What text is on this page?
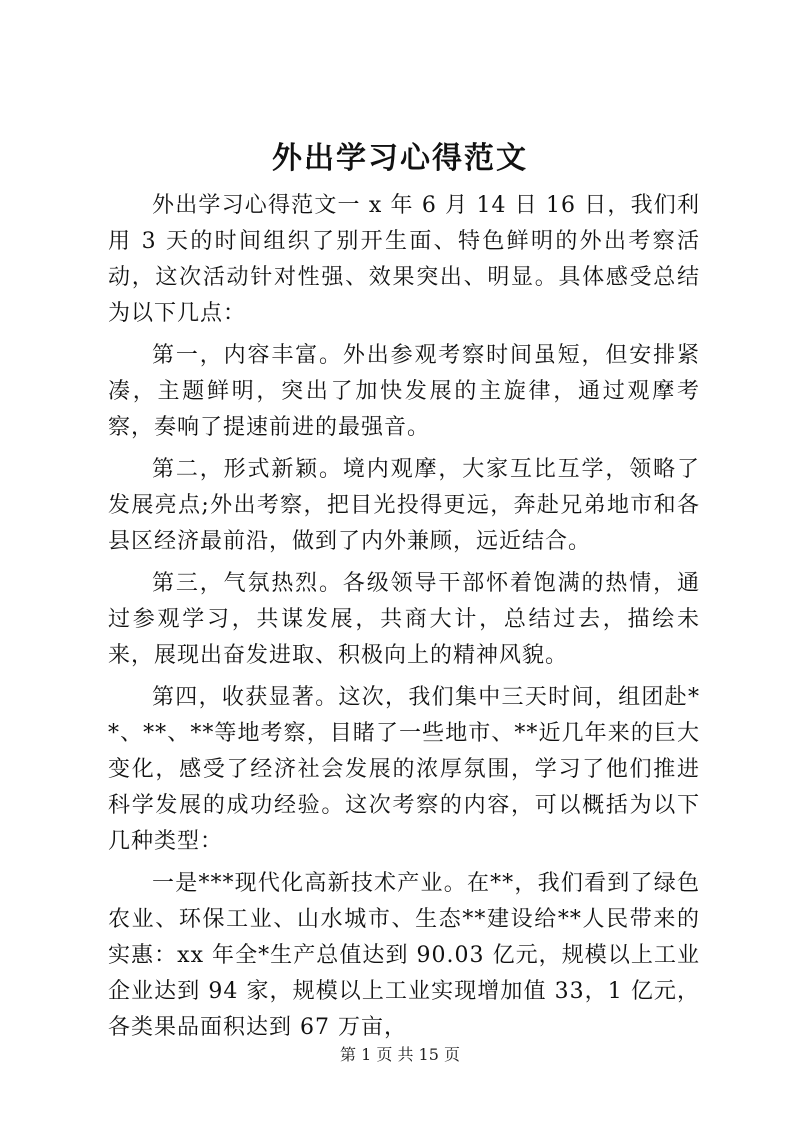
外出学习心得范文

外出学习心得范文一 x 年 6 月 14 日 16 日，我们利用 3 天的时间组织了别开生面、特色鲜明的外出考察活动，这次活动针对性强、效果突出、明显。具体感受总结为以下几点：

第一，内容丰富。外出参观考察时间虽短，但安排紧凑，主题鲜明，突出了加快发展的主旋律，通过观摩考察，奏响了提速前进的最强音。

第二，形式新颖。境内观摩，大家互比互学，领略了发展亮点;外出考察，把目光投得更远，奔赴兄弟地市和各县区经济最前沿，做到了内外兼顾，远近结合。

第三，气氛热烈。各级领导干部怀着饱满的热情，通过参观学习，共谋发展，共商大计，总结过去，描绘未来，展现出奋发进取、积极向上的精神风貌。

第四，收获显著。这次，我们集中三天时间，组团赴**、**、**等地考察，目睹了一些地市、**近几年来的巨大变化，感受了经济社会发展的浓厚氛围，学习了他们推进科学发展的成功经验。这次考察的内容，可以概括为以下几种类型：

一是***现代化高新技术产业。在**，我们看到了绿色农业、环保工业、山水城市、生态**建设给**人民带来的实惠：xx 年全*生产总值达到 90.03 亿元，规模以上工业企业达到 94 家，规模以上工业实现增加值 33，1 亿元，各类果品面积达到 67 万亩，

第 1 页 共 15 页
